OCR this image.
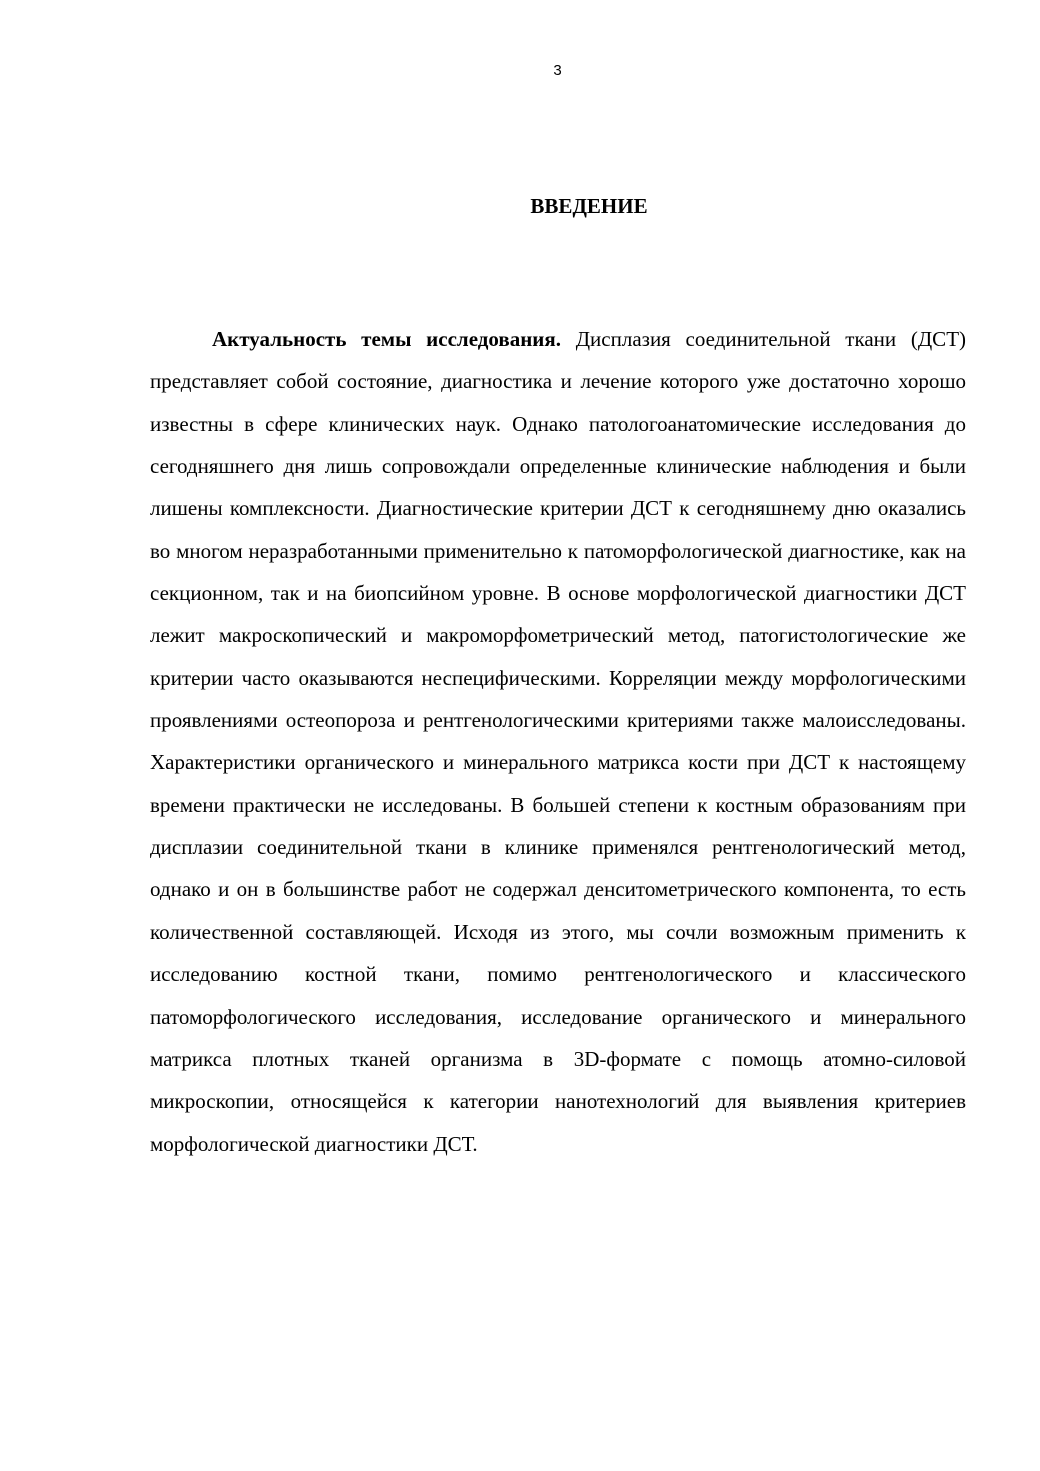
3
ВВЕДЕНИЕ

Актуальность темы исследования. Дисплазия соединительной ткани (ДСТ) представляет собой состояние, диагностика и лечение которого уже достаточно хорошо известны в сфере клинических наук. Однако патологоанатомические исследования до сегодняшнего дня лишь сопровождали определенные клинические наблюдения и были лишены комплексности. Диагностические критерии ДСТ к сегодняшнему дню оказались во многом неразработанными применительно к патоморфологической диагностике, как на секционном, так и на биопсийном уровне. В основе морфологической диагностики ДСТ лежит макроскопический и макроморфометрический метод, патогистологические же критерии часто оказываются неспецифическими. Корреляции между морфологическими проявлениями остеопороза и рентгенологическими критериями также малоисследованы. Характеристики органического и минерального матрикса кости при ДСТ к настоящему времени практически не исследованы. В большей степени к костным образованиям при дисплазии соединительной ткани в клинике применялся рентгенологический метод, однако и он в большинстве работ не содержал денситометрического компонента, то есть количественной составляющей. Исходя из этого, мы сочли возможным применить к исследованию костной ткани, помимо рентгенологического и классического патоморфологического исследования, исследование органического и минерального матрикса плотных тканей организма в 3D-формате с помощь атомно-силовой микроскопии, относящейся к категории нанотехнологий для выявления критериев морфологической диагностики ДСТ.
